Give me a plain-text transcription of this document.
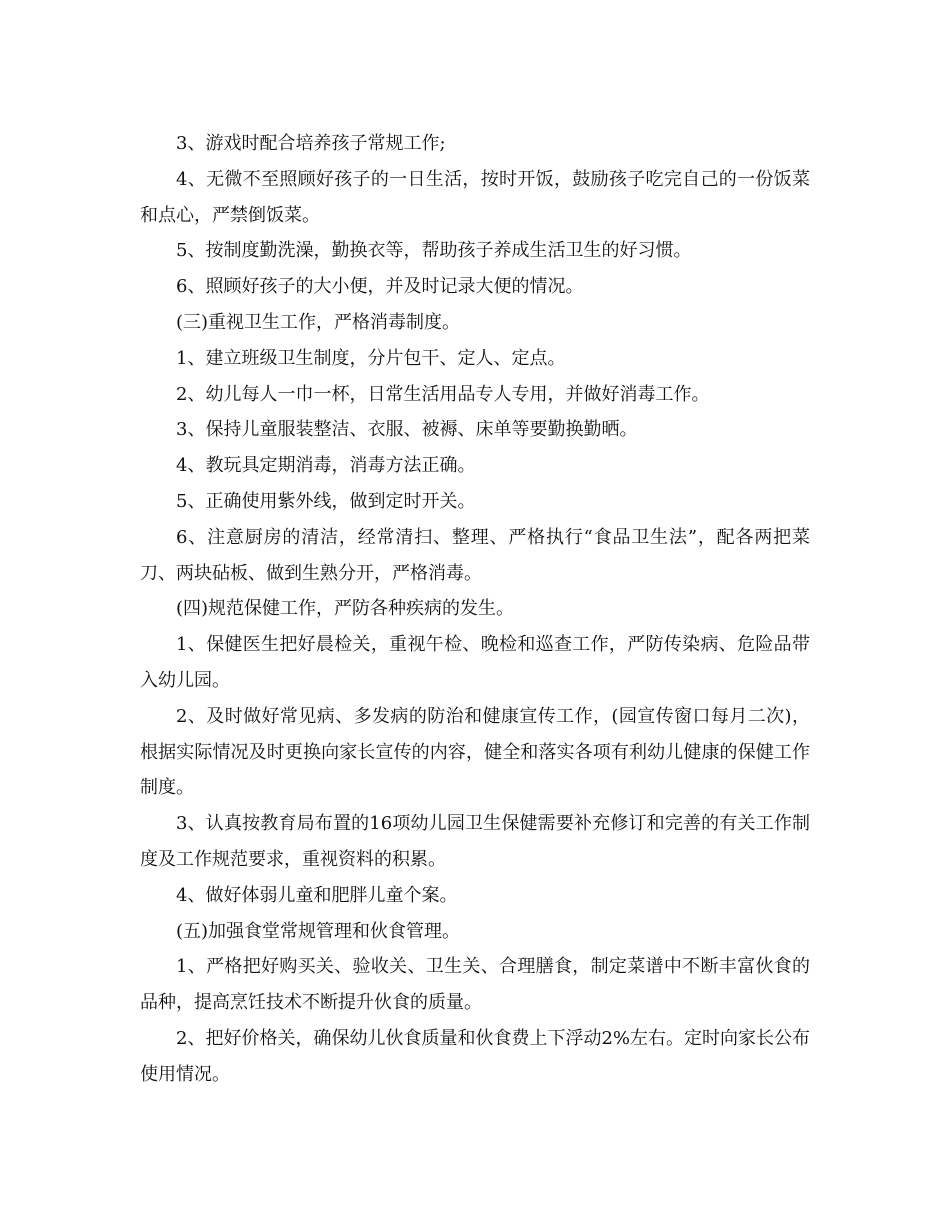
3、游戏时配合培养孩子常规工作;

4、无微不至照顾好孩子的一日生活，按时开饭，鼓励孩子吃完自己的一份饭菜和点心，严禁倒饭菜。

5、按制度勤洗澡，勤换衣等，帮助孩子养成生活卫生的好习惯。

6、照顾好孩子的大小便，并及时记录大便的情况。

(三)重视卫生工作，严格消毒制度。

1、建立班级卫生制度，分片包干、定人、定点。

2、幼儿每人一巾一杯，日常生活用品专人专用，并做好消毒工作。

3、保持儿童服装整洁、衣服、被褥、床单等要勤换勤晒。

4、教玩具定期消毒，消毒方法正确。

5、正确使用紫外线，做到定时开关。

6、注意厨房的清洁，经常清扫、整理、严格执行“食品卫生法”，配各两把菜刀、两块砧板、做到生熟分开，严格消毒。

(四)规范保健工作，严防各种疾病的发生。

1、保健医生把好晨检关，重视午检、晚检和巡查工作，严防传染病、危险品带入幼儿园。

2、及时做好常见病、多发病的防治和健康宣传工作，(园宣传窗口每月二次)，根据实际情况及时更换向家长宣传的内容，健全和落实各项有利幼儿健康的保健工作制度。

3、认真按教育局布置的16项幼儿园卫生保健需要补充修订和完善的有关工作制度及工作规范要求，重视资料的积累。

4、做好体弱儿童和肥胖儿童个案。

(五)加强食堂常规管理和伙食管理。

1、严格把好购买关、验收关、卫生关、合理膳食，制定菜谱中不断丰富伙食的品种，提高烹饪技术不断提升伙食的质量。

2、把好价格关，确保幼儿伙食质量和伙食费上下浮动2%左右。定时向家长公布使用情况。
